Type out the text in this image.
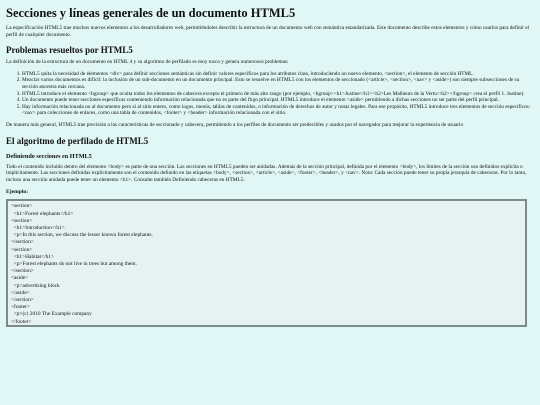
Secciones y líneas generales de un documento HTML5

La especificación HTML5 trae muchos nuevos elementos a los desarrolladores web, permitiéndoles describir la estructura de un documento web con semántica estandarizada. Este documento describe estos elementos y cómo usarlos para definir el perfil de cualquier documento.

Problemas resueltos por HTML5

La definición de la estructura de un documento en HTML 4 y su algoritmo de perfilado es muy tosco y genera numerosos problemas:

1. HTML5 quita la necesidad de elementos <div> para definir secciones semánticas sin definir valores específicos para los atributos class, introduciendo un nuevo elemento, <section>, el elemento de sección HTML.
2. Mezclar varios documentos es difícil: la inclusión de un sub-documento en un documento principal. Esto se resuelve en HTML5 con los elementos de seccionado (<article>, <section>, <nav> y <aside>) son siempre subsecciones de su sección ancestra más cercana.
3. HTML5 introduce el elemento <hgroup> que oculta todos los elementos de cabecera excepto el primero de más alto rango (por ejemplo, <hgroup><h1>Justine</h1><h2>Les Malheurs de la Vertu</h2></hgroup> crea el perfil 1. Justine).
4. Un documento puede tener secciones específicas conteniendo información relacionada que no es parte del flujo principal. HTML5 introduce el elemento <aside> permitiendo a dichas secciones no ser parte del perfil principal.
5. Hay información relacionada no al documento pero sí al sitio entero, como logos, menús, tablas de contenidos, o información de derechos de autor y notas legales. Para ese propósito, HTML5 introduce tres elementos de sección específicos: <nav> para colecciones de enlaces, como una tabla de contenidos, <footer> y <header> información relacionada con el sitio.

De manera más general, HTML5 trae precisión a las características de seccionado y cabecera, permitiendo a los perfiles de documento ser predecibles y usados por el navegador para mejorar la experiencia de usuario

El algoritmo de perfilado de HTML5
Definiendo secciones en HTML5

Todo el contenido incluido dentro del elemento <body> es parte de una sección. Las secciones en HTML5 pueden ser anidadas. Además de la sección principal, definida por el elemento <body>, los límites de la sección son definidos explícita o implícitamente. Las secciones definidas explícitamente son el contenido definido en las etiquetas <body>, <section>, <article>, <aside>, <footer>, <header>, y <nav>. Nota: Cada sección puede tener su propia jerarquía de cabeceras. Por lo tanto, incluso una sección anidada puede tener un elemento <h1>. Consulte también Definiendo cabeceras en HTML5.

Ejemplo:
<section>
<h1>Forest elephants</h1>
<section>
<h1>Introduction</h1>
<p>In this section, we discuss the lesser known forest elephants.
</section>
<section>
<h1>Habitat</h1>
<p>Forest elephants do not live in trees but among them.
</section>
<aside>
<p>advertising block
</aside>
</section>
<footer>
<p>(c) 2010 The Example company
</footer>
